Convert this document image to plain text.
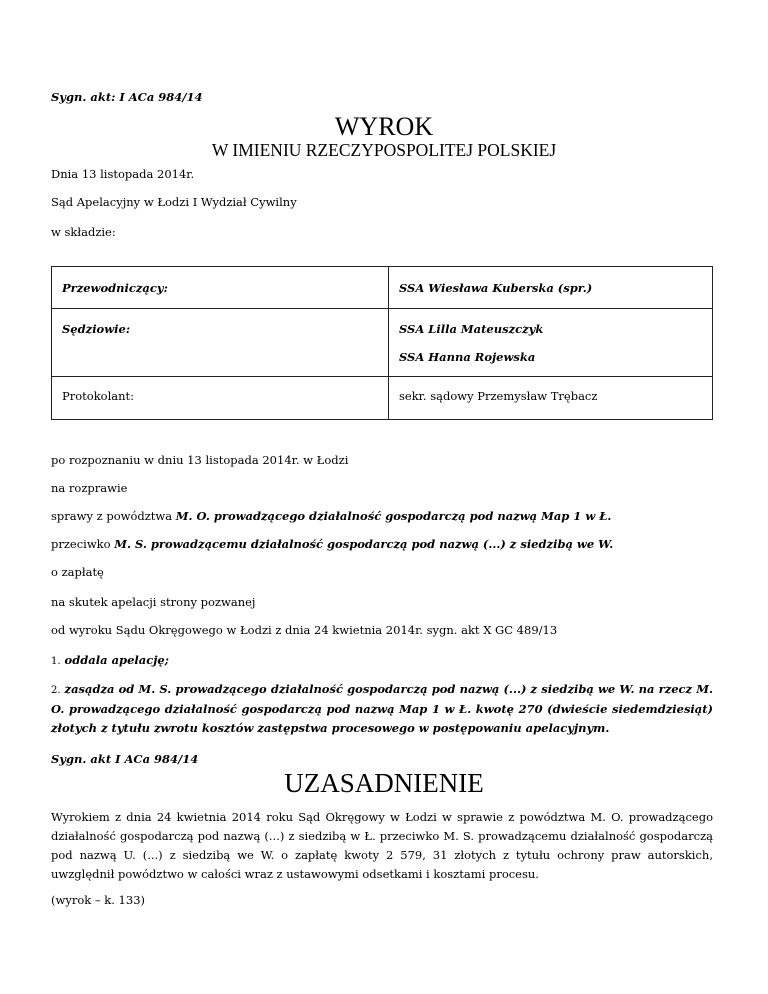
Sygn. akt: I ACa 984/14
WYROK
W IMIENIU RZECZYPOSPOLITEJ POLSKIEJ
Dnia 13 listopada 2014r.
Sąd Apelacyjny w Łodzi I Wydział Cywilny
w składzie:
Przewodniczący:	SSA Wiesława Kuberska (spr.)

Sędziowie:	SSA Lilla Mateuszczyk
SSA Hanna Rojewska

Protokolant:	sekr. sądowy Przemysław Trębacz
po rozpoznaniu w dniu 13 listopada 2014r. w Łodzi
na rozprawie
sprawy z powództwa M. O. prowadzącego działalność gospodarczą pod nazwą Map 1 w Ł.
przeciwko M. S. prowadzącemu działalność gospodarczą pod nazwą (...) z siedzibą we W.
o zapłatę
na skutek apelacji strony pozwanej
od wyroku Sądu Okręgowego w Łodzi z dnia 24 kwietnia 2014r. sygn. akt X GC 489/13
1. oddala apelację;
2. zasądza od M. S. prowadzącego działalność gospodarczą pod nazwą (...) z siedzibą we W. na rzecz M. O. prowadzącego działalność gospodarczą pod nazwą Map 1 w Ł. kwotę 270 (dwieście siedemdziesiąt) złotych z tytułu zwrotu kosztów zastępstwa procesowego w postępowaniu apelacyjnym.
Sygn. akt I ACa 984/14
UZASADNIENIE
Wyrokiem z dnia 24 kwietnia 2014 roku Sąd Okręgowy w Łodzi w sprawie z powództwa M. O. prowadzącego działalność gospodarczą pod nazwą (...) z siedzibą w Ł. przeciwko M. S. prowadzącemu działalność gospodarczą pod nazwą U. (...) z siedzibą we W. o zapłatę kwoty 2 579, 31 złotych z tytułu ochrony praw autorskich, uwzględnił powództwo w całości wraz z ustawowymi odsetkami i kosztami procesu.
(wyrok – k. 133)
